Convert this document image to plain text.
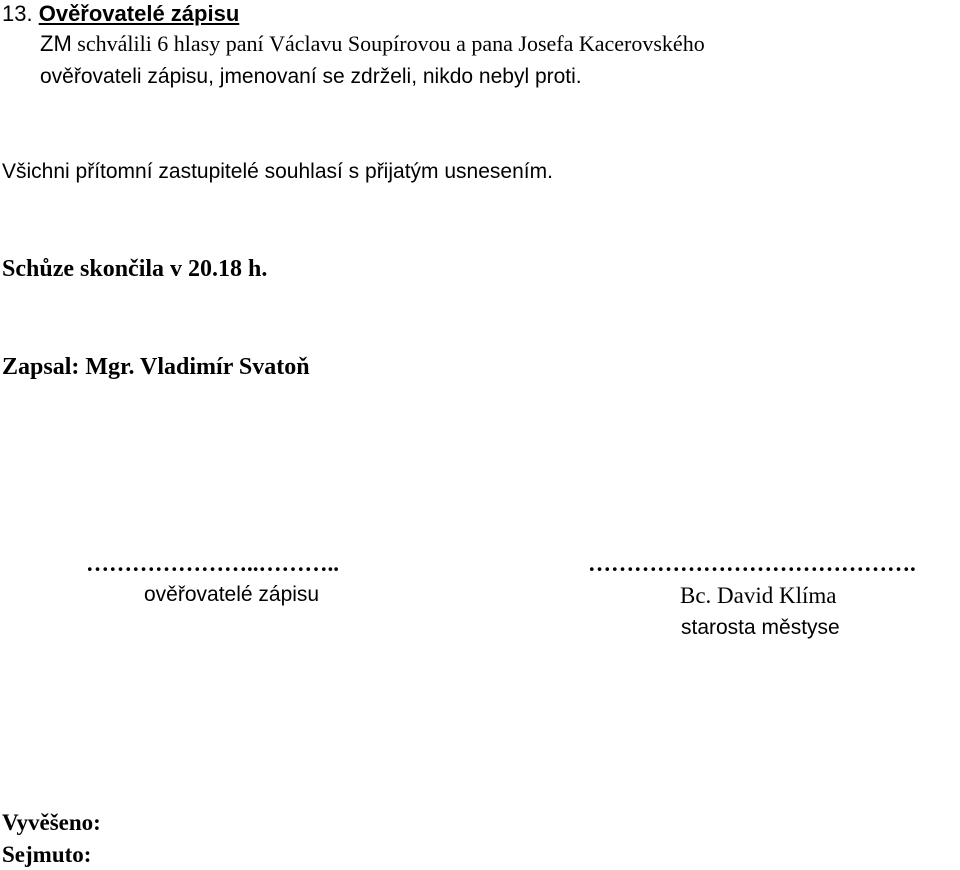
13. Ověřovatelé zápisu
ZM schválili 6 hlasy paní Václavu Soupírovou a pana Josefa Kacerovského
ověřovateli zápisu, jmenovaní se zdrželi, nikdo nebyl proti.
Všichni přítomní zastupitelé souhlasí s přijatým usnesením.
Schůze skončila v 20.18 h.
Zapsal: Mgr. Vladimír Svatoň
…………………..………..
ověřovatelé zápisu
…………………………………….
Bc. David Klíma
starosta městyse
Vyvěšeno:
Sejmuto:
